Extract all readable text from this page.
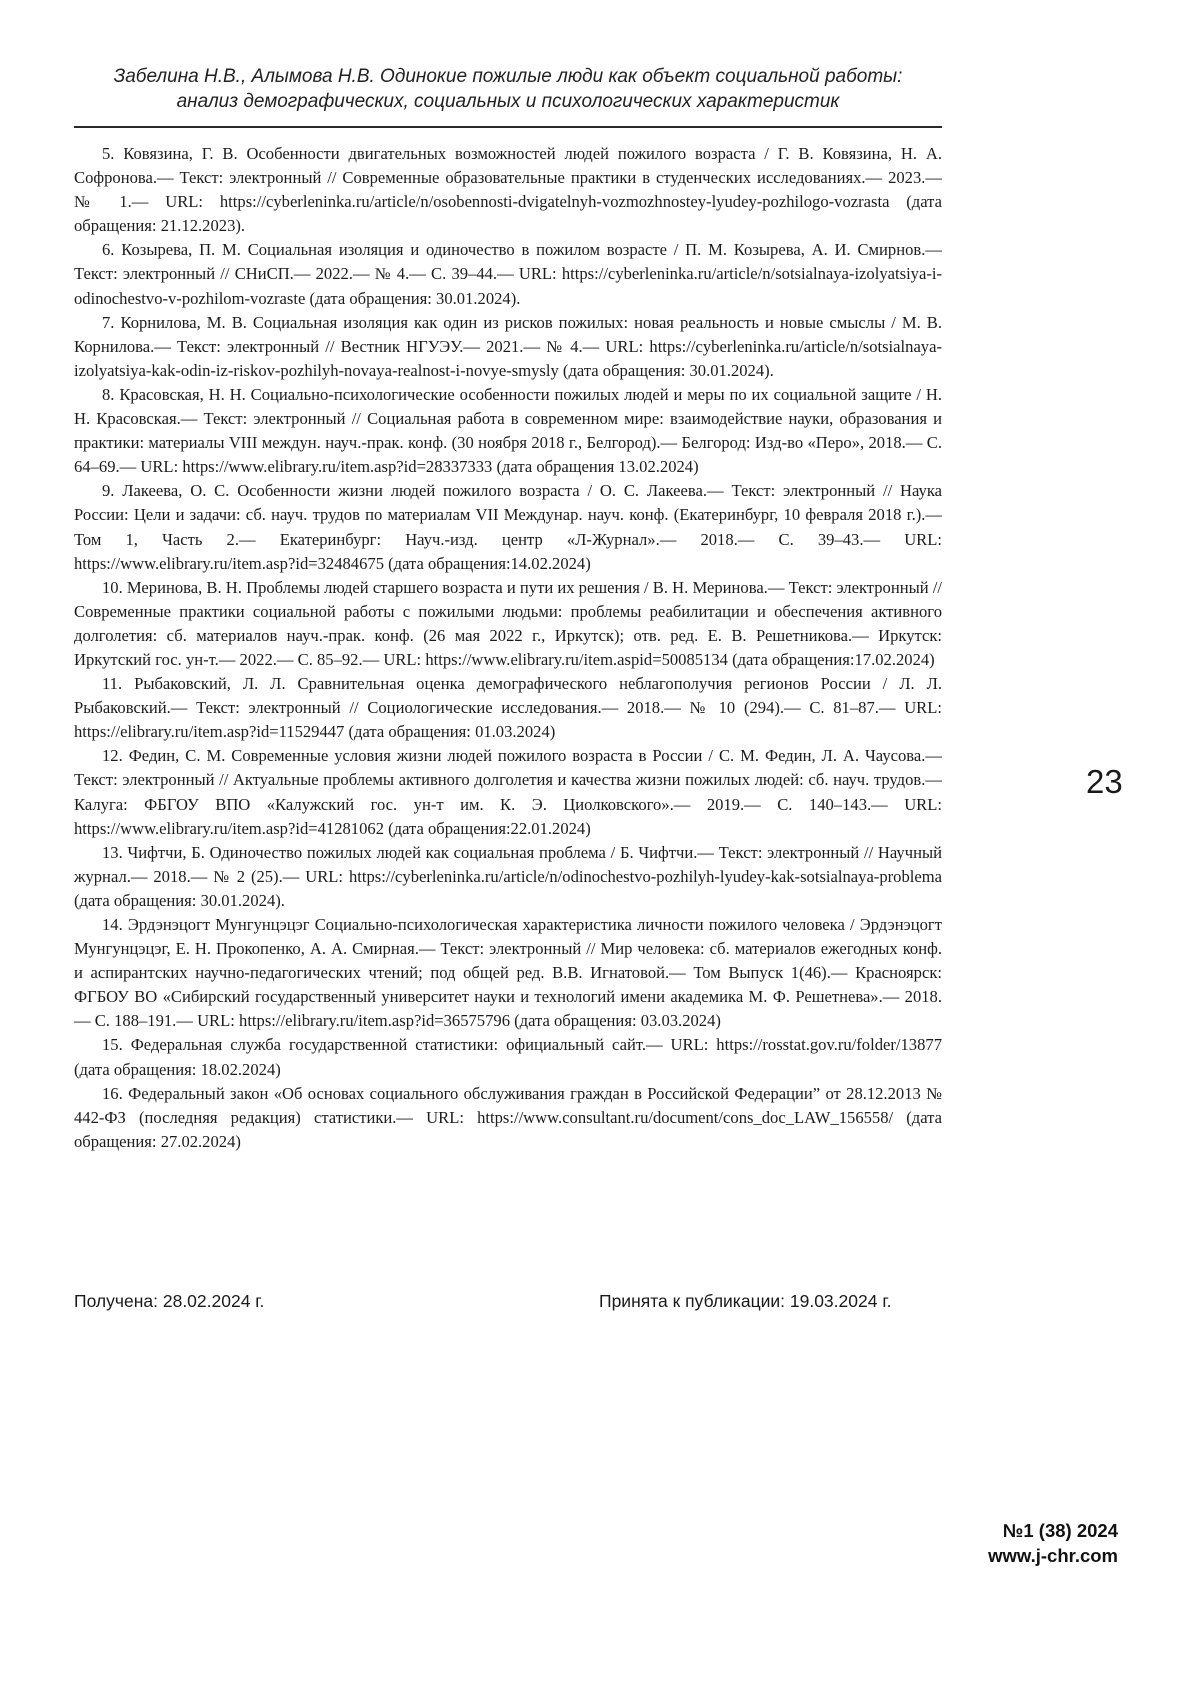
Забелина Н.В., Алымова Н.В. Одинокие пожилые люди как объект социальной работы:
анализ демографических, социальных и психологических характеристик
5. Ковязина, Г. В. Особенности двигательных возможностей людей пожилого возраста / Г. В. Ковязина, Н. А. Софронова.— Текст: электронный // Современные образовательные практики в студенческих исследованиях.— 2023.— № 1.— URL: https://cyberleninka.ru/article/n/osobennosti-dvigatelnyh-vozmozhnostey-lyudey-pozhilogo-vozrasta (дата обращения: 21.12.2023).
6. Козырева, П. М. Социальная изоляция и одиночество в пожилом возрасте / П. М. Козырева, А. И. Смирнов.— Текст: электронный // СНиСП.— 2022.— № 4.— С. 39–44.— URL: https://cyberleninka.ru/article/n/sotsialnaya-izolyatsiya-i-odinochestvo-v-pozhilom-vozraste (дата обращения: 30.01.2024).
7. Корнилова, М. В. Социальная изоляция как один из рисков пожилых: новая реальность и новые смыслы / М. В. Корнилова.— Текст: электронный // Вестник НГУЭУ.— 2021.— № 4.— URL: https://cyberleninka.ru/article/n/sotsialnaya-izolyatsiya-kak-odin-iz-riskov-pozhilyh-novaya-realnost-i-novye-smysly (дата обращения: 30.01.2024).
8. Красовская, Н. Н. Социально-психологические особенности пожилых людей и меры по их социальной защите / Н. Н. Красовская.— Текст: электронный // Социальная работа в современном мире: взаимодействие науки, образования и практики: материалы VIII междун. науч.-прак. конф. (30 ноября 2018 г., Белгород).— Белгород: Изд-во «Перо», 2018.— С. 64–69.— URL: https://www.elibrary.ru/item.asp?id=28337333 (дата обращения 13.02.2024)
9. Лакеева, О. С. Особенности жизни людей пожилого возраста / О. С. Лакеева.— Текст: электронный // Наука России: Цели и задачи: сб. науч. трудов по материалам VII Междунар. науч. конф. (Екатеринбург, 10 февраля 2018 г.).— Том 1, Часть 2.— Екатеринбург: Науч.-изд. центр «Л-Журнал».— 2018.— С. 39–43.— URL: https://www.elibrary.ru/item.asp?id=32484675 (дата обращения:14.02.2024)
10. Меринова, В. Н. Проблемы людей старшего возраста и пути их решения / В. Н. Меринова.— Текст: электронный // Современные практики социальной работы с пожилыми людьми: проблемы реабилитации и обеспечения активного долголетия: сб. материалов науч.-прак. конф. (26 мая 2022 г., Иркутск); отв. ред. Е. В. Решетникова.— Иркутск: Иркутский гос. ун-т.— 2022.— С. 85–92.— URL: https://www.elibrary.ru/item.aspid=50085134 (дата обращения:17.02.2024)
11. Рыбаковский, Л. Л. Сравнительная оценка демографического неблагополучия регионов России / Л. Л. Рыбаковский.— Текст: электронный // Социологические исследования.— 2018.— № 10 (294).— С. 81–87.— URL: https://elibrary.ru/item.asp?id=11529447 (дата обращения: 01.03.2024)
12. Федин, С. М. Современные условия жизни людей пожилого возраста в России / С. М. Федин, Л. А. Чаусова.— Текст: электронный // Актуальные проблемы активного долголетия и качества жизни пожилых людей: сб. науч. трудов.— Калуга: ФБГОУ ВПО «Калужский гос. ун-т им. К. Э. Циолковского».— 2019.— С. 140–143.— URL: https://www.elibrary.ru/item.asp?id=41281062 (дата обращения:22.01.2024)
13. Чифтчи, Б. Одиночество пожилых людей как социальная проблема / Б. Чифтчи.— Текст: электронный // Научный журнал.— 2018.— № 2 (25).— URL: https://cyberleninka.ru/article/n/odinochestvo-pozhilyh-lyudey-kak-sotsialnaya-problema (дата обращения: 30.01.2024).
14. Эрдэнэцогт Мунгунцэцэг Социально-психологическая характеристика личности пожилого человека / Эрдэнэцогт Мунгунцэцэг, Е. Н. Прокопенко, А. А. Смирная.— Текст: электронный // Мир человека: сб. материалов ежегодных конф. и аспирантских научно-педагогических чтений; под общей ред. В.В. Игнатовой.— Том Выпуск 1(46).— Красноярск: ФГБОУ ВО «Сибирский государственный университет науки и технологий имени академика М. Ф. Решетнева».— 2018.— С. 188–191.— URL: https://elibrary.ru/item.asp?id=36575796 (дата обращения: 03.03.2024)
15. Федеральная служба государственной статистики: официальный сайт.— URL: https://rosstat.gov.ru/folder/13877 (дата обращения: 18.02.2024)
16. Федеральный закон «Об основах социального обслуживания граждан в Российской Федерации” от 28.12.2013 № 442-ФЗ (последняя редакция) статистики.— URL: https://www.consultant.ru/document/cons_doc_LAW_156558/ (дата обращения: 27.02.2024)
23
Получена: 28.02.2024 г.	Принята к публикации: 19.03.2024 г.
№1 (38) 2024
www.j-chr.com
